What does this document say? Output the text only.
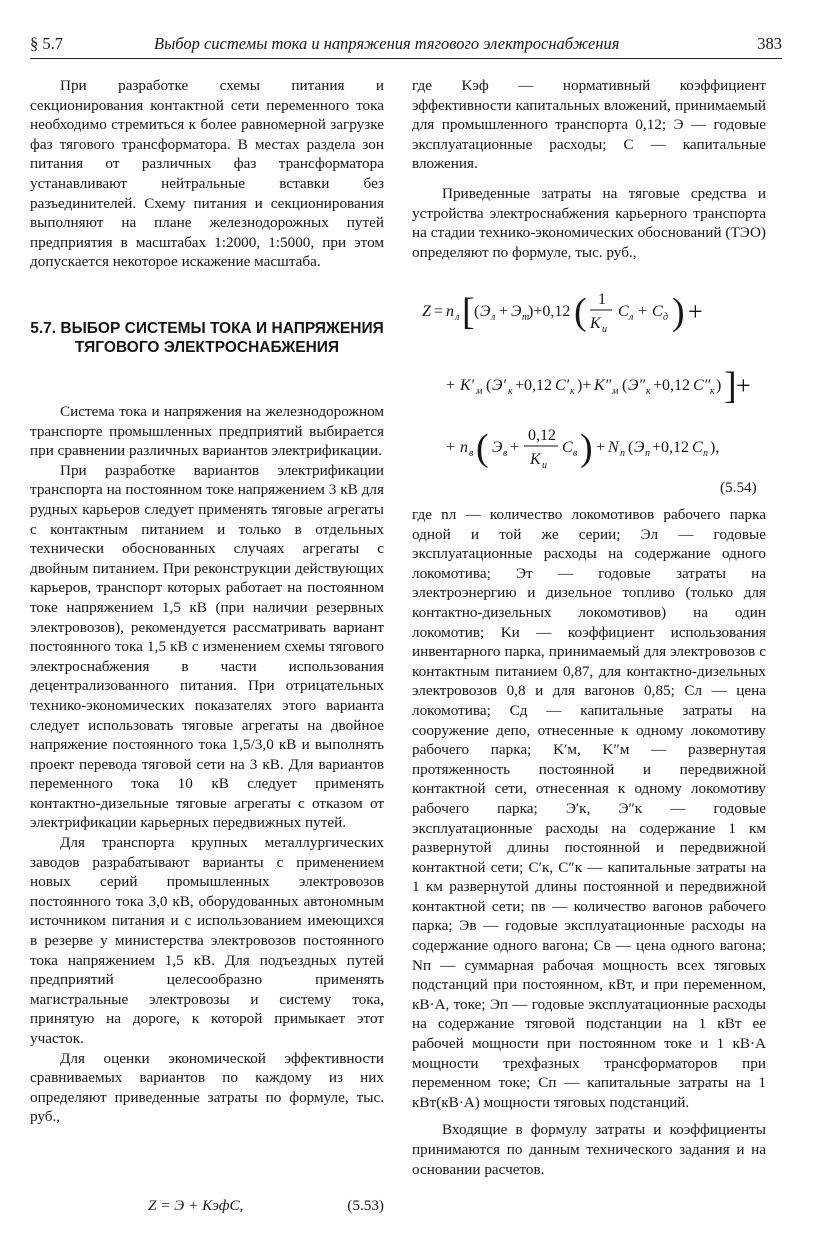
§ 5.7	Выбор системы тока и напряжения тягового электроснабжения	383

При разработке схемы питания и секционирования контактной сети переменного тока необходимо стремиться к более равномерной загрузке фаз тягового трансформатора. В местах раздела зон питания от различных фаз трансформатора устанавливают нейтральные вставки без разъединителей. Схему питания и секционирования выполняют на плане железнодорожных путей предприятия в масштабах 1:2000, 1:5000, при этом допускается некоторое искажение масштаба.

5.7. ВЫБОР СИСТЕМЫ ТОКА И НАПРЯЖЕНИЯ ТЯГОВОГО ЭЛЕКТРОСНАБЖЕНИЯ

Система тока и напряжения на железнодорожном транспорте промышленных предприятий выбирается при сравнении различных вариантов электрификации.

При разработке вариантов электрификации транспорта на постоянном токе напряжением 3 кВ для рудных карьеров следует применять тяговые агрегаты с контактным питанием и только в отдельных технически обоснованных случаях агрегаты с двойным питанием. При реконструкции действующих карьеров, транспорт которых работает на постоянном токе напряжением 1,5 кВ (при наличии резервных электровозов), рекомендуется рассматривать вариант постоянного тока 1,5 кВ с изменением схемы тягового электроснабжения в части использования децентрализованного питания. При отрицательных технико-экономических показателях этого варианта следует использовать тяговые агрегаты на двойное напряжение постоянного тока 1,5/3,0 кВ и выполнять проект перевода тяговой сети на 3 кВ. Для вариантов переменного тока 10 кВ следует применять контактно-дизельные тяговые агрегаты с отказом от электрификации карьерных передвижных путей.

Для транспорта крупных металлургических заводов разрабатывают варианты с применением новых серий промышленных электровозов постоянного тока 3,0 кВ, оборудованных автономным источником питания и с использованием имеющихся в резерве у министерства электровозов постоянного тока напряжением 1,5 кВ. Для подъездных путей предприятий целесообразно применять магистральные электровозы и систему тока, принятую на дороге, к которой примыкает этот участок.

Для оценки экономической эффективности сравниваемых вариантов по каждому из них определяют приведенные затраты по формуле, тыс. руб.,

Z = Э + KэфC,	(5.53)

где Kэф — нормативный коэффициент эффективности капитальных вложений, принимаемый для промышленного транспорта 0,12; Э — годовые эксплуатационные расходы; C — капитальные вложения.

Приведенные затраты на тяговые средства и устройства электроснабжения карьерного транспорта на стадии технико-экономических обоснований (ТЭО) определяют по формуле, тыс. руб.,

Z = n л [ ( Э л + Э т
)+0,12 ( 1
K и
C л + C д ) +
+ K′ м ( Э′ к +0,12 C′ к )+ K″ м ( Э″ к +0,12 C″ к ) ] +
+ n в ( Э в +
0,12
K и
C в ) + N п ( Э п +0,12 C п ),
(5.54)

где nл — количество локомотивов рабочего парка одной и той же серии; Эл — годовые эксплуатационные расходы на содержание одного локомотива; Эт — годовые затраты на электроэнергию и дизельное топливо (только для контактно-дизельных локомотивов) на один локомотив; Kи — коэффициент использования инвентарного парка, принимаемый для электровозов с контактным питанием 0,87, для контактно-дизельных электровозов 0,8 и для вагонов 0,85; Cл — цена локомотива; Cд — капитальные затраты на сооружение депо, отнесенные к одному локомотиву рабочего парка; K′м, K″м — развернутая протяженность постоянной и передвижной контактной сети, отнесенная к одному локомотиву рабочего парка; Э′к, Э″к — годовые эксплуатационные расходы на содержание 1 км развернутой длины постоянной и передвижной контактной сети; C′к, C″к — капитальные затраты на 1 км развернутой длины постоянной и передвижной контактной сети; nв — количество вагонов рабочего парка; Эв — годовые эксплуатационные расходы на содержание одного вагона; Cв — цена одного вагона; Nп — суммарная рабочая мощность всех тяговых подстанций при постоянном, кВт, и при переменном, кВ·А, токе; Эп — годовые эксплуатационные расходы на содержание тяговой подстанции на 1 кВт ее рабочей мощности при постоянном токе и 1 кВ·А мощности трехфазных трансформаторов при переменном токе; Cп — капитальные затраты на 1 кВт(кВ·А) мощности тяговых подстанций.

Входящие в формулу затраты и коэффициенты принимаются по данным технического задания и на основании расчетов.
